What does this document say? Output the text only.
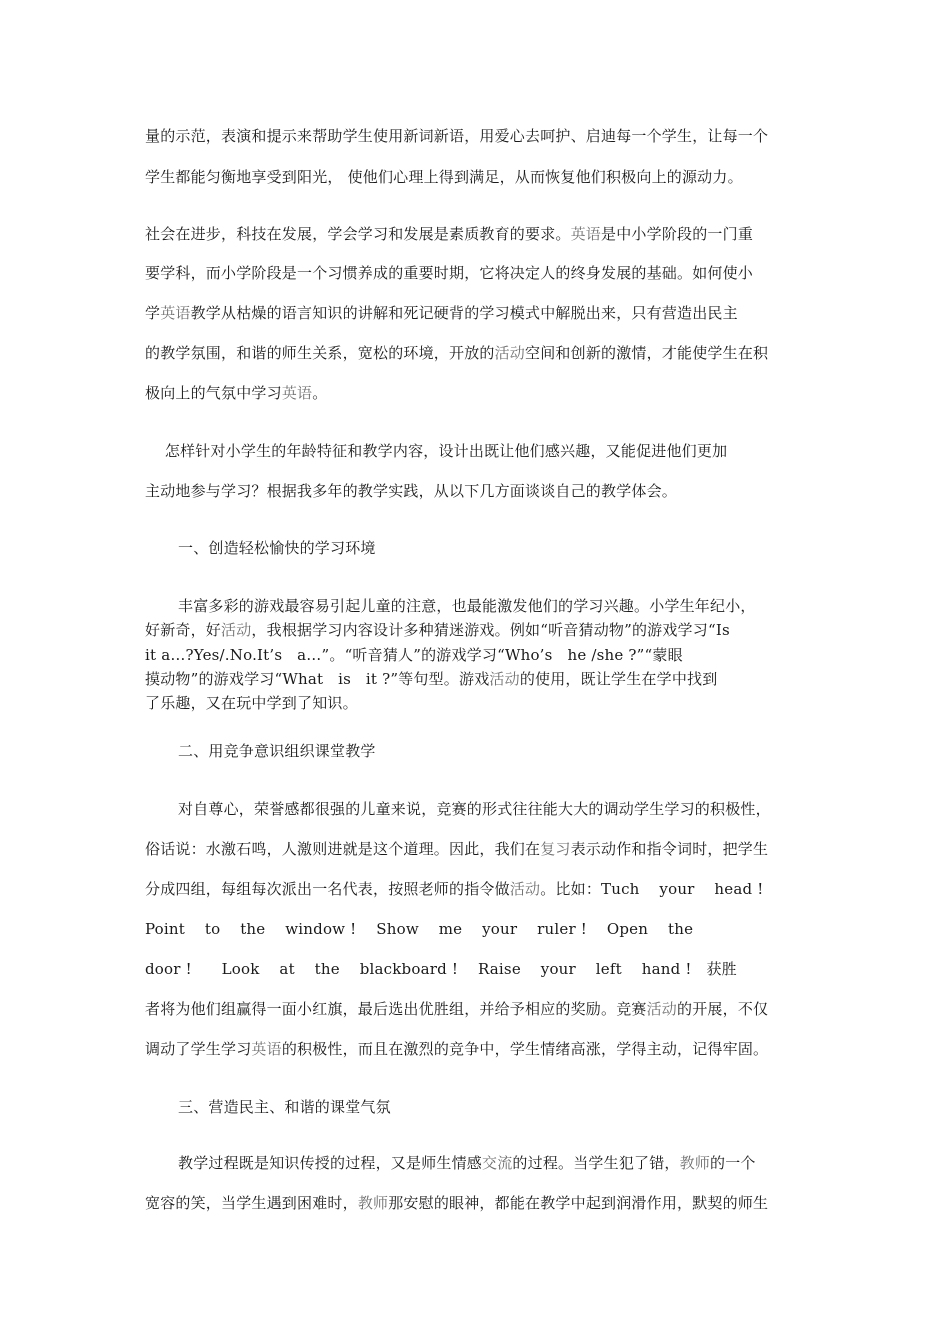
量的示范，表演和提示来帮助学生使用新词新语，用爱心去呵护、启迪每一个学生，让每一个

学生都能匀衡地享受到阳光， 使他们心理上得到满足，从而恢复他们积极向上的源动力。

社会在进步，科技在发展，学会学习和发展是素质教育的要求。英语是中小学阶段的一门重

要学科，而小学阶段是一个习惯养成的重要时期，它将决定人的终身发展的基础。如何使小

学英语教学从枯燥的语言知识的讲解和死记硬背的学习模式中解脱出来，只有营造出民主

的教学氛围，和谐的师生关系，宽松的环境，开放的活动空间和创新的激情，才能使学生在积

极向上的气氛中学习英语。

怎样针对小学生的年龄特征和教学内容，设计出既让他们感兴趣，又能促进他们更加

主动地参与学习？根据我多年的教学实践，从以下几方面谈谈自己的教学体会。

一、创造轻松愉快的学习环境

丰富多彩的游戏最容易引起儿童的注意，也最能激发他们的学习兴趣。小学生年纪小，

好新奇，好活动，我根据学习内容设计多种猜迷游戏。例如“听音猜动物”的游戏学习“Is

it a…?Yes/.No.It’s   a…”。“听音猜人”的游戏学习“Who’s   he /she ?”“蒙眼

摸动物”的游戏学习“What   is   it ?”等句型。游戏活动的使用，既让学生在学中找到

了乐趣，又在玩中学到了知识。

二、用竞争意识组织课堂教学

对自尊心，荣誉感都很强的儿童来说，竞赛的形式往往能大大的调动学生学习的积极性，

俗话说：水激石鸣，人激则进就是这个道理。因此，我们在复习表示动作和指令词时，把学生

分成四组，每组每次派出一名代表，按照老师的指令做活动。比如：Tuch    your    head !

Point    to    the    window !    Show    me    your    ruler !    Open    the

door !      Look    at    the    blackboard !    Raise    your    left    hand !   获胜

者将为他们组赢得一面小红旗，最后选出优胜组，并给予相应的奖励。竞赛活动的开展，不仅

调动了学生学习英语的积极性，而且在激烈的竞争中，学生情绪高涨，学得主动，记得牢固。

三、营造民主、和谐的课堂气氛

教学过程既是知识传授的过程，又是师生情感交流的过程。当学生犯了错，教师的一个

宽容的笑，当学生遇到困难时，教师那安慰的眼神，都能在教学中起到润滑作用，默契的师生
